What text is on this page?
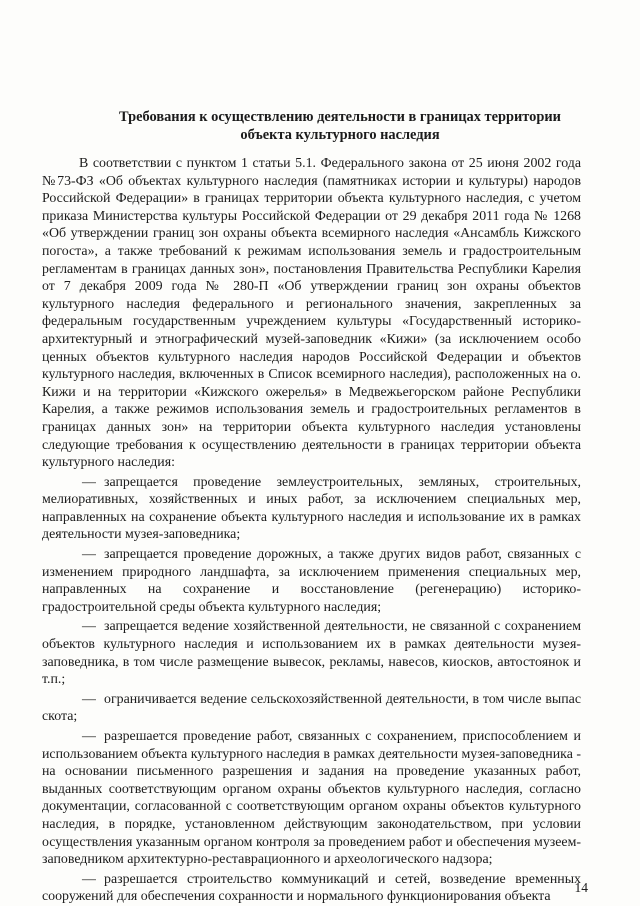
Требования к осуществлению деятельности в границах территории
объекта культурного наследия

В соответствии с пунктом 1 статьи 5.1. Федерального закона от 25 июня 2002 года №73-ФЗ «Об объектах культурного наследия (памятниках истории и культуры) народов Российской Федерации» в границах территории объекта культурного наследия, с учетом приказа Министерства культуры Российской Федерации от 29 декабря 2011 года № 1268 «Об утверждении границ зон охраны объекта всемирного наследия «Ансамбль Кижского погоста», а также требований к режимам использования земель и градостроительным регламентам в границах данных зон», постановления Правительства Республики Карелия от 7 декабря 2009 года № 280-П «Об утверждении границ зон охраны объектов культурного наследия федерального и регионального значения, закрепленных за федеральным государственным учреждением культуры «Государственный историко-архитектурный и этнографический музей-заповедник «Кижи» (за исключением особо ценных объектов культурного наследия народов Российской Федерации и объектов культурного наследия, включенных в Список всемирного наследия), расположенных на о. Кижи и на территории «Кижского ожерелья» в Медвежьегорском районе Республики Карелия, а также режимов использования земель и градостроительных регламентов в границах данных зон» на территории объекта культурного наследия установлены следующие требования к осуществлению деятельности в границах территории объекта культурного наследия:

— запрещается проведение землеустроительных, земляных, строительных, мелиоративных, хозяйственных и иных работ, за исключением специальных мер, направленных на сохранение объекта культурного наследия и использование их в рамках деятельности музея-заповедника;

— запрещается проведение дорожных, а также других видов работ, связанных с изменением природного ландшафта, за исключением применения специальных мер, направленных на сохранение и восстановление (регенерацию) историко-градостроительной среды объекта культурного наследия;

— запрещается ведение хозяйственной деятельности, не связанной с сохранением объектов культурного наследия и использованием их в рамках деятельности музея-заповедника, в том числе размещение вывесок, рекламы, навесов, киосков, автостоянок и т.п.;

— ограничивается ведение сельскохозяйственной деятельности, в том числе выпас скота;

— разрешается проведение работ, связанных с сохранением, приспособлением и использованием объекта культурного наследия в рамках деятельности музея-заповедника - на основании письменного разрешения и задания на проведение указанных работ, выданных соответствующим органом охраны объектов культурного наследия, согласно документации, согласованной с соответствующим органом охраны объектов культурного наследия, в порядке, установленном действующим законодательством, при условии осуществления указанным органом контроля за проведением работ и обеспечения музеем-заповедником архитектурно-реставрационного и археологического надзора;

— разрешается строительство коммуникаций и сетей, возведение временных сооружений для обеспечения сохранности и нормального функционирования объекта

14
